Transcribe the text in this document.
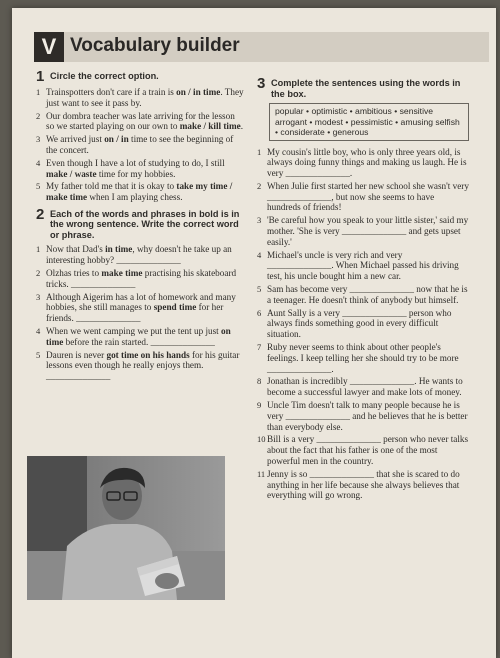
V Vocabulary builder
1 Circle the correct option.
1 Trainspotters don't care if a train is on / in time. They just want to see it pass by.
2 Our dombra teacher was late arriving for the lesson so we started playing on our own to make / kill time.
3 We arrived just on / in time to see the beginning of the concert.
4 Even though I have a lot of studying to do, I still make / waste time for my hobbies.
5 My father told me that it is okay to take my time / make time when I am playing chess.
2 Each of the words and phrases in bold is in the wrong sentence. Write the correct word or phrase.
1 Now that Dad's in time, why doesn't he take up an interesting hobby? ______________
2 Olzhas tries to make time practising his skateboard tricks. ______________
3 Although Aigerim has a lot of homework and many hobbies, she still manages to spend time for her friends. ______________
4 When we went camping we put the tent up just on time before the rain started. ______________
5 Dauren is never got time on his hands for his guitar lessons even though he really enjoys them. ______________
3 Complete the sentences using the words in the box.
popular • optimistic • ambitious • sensitive arrogant • modest • pessimistic • amusing selfish • considerate • generous
1 My cousin's little boy, who is only three years old, is always doing funny things and making us laugh. He is very ______________.
2 When Julie first started her new school she wasn't very ______________, but now she seems to have hundreds of friends!
3 'Be careful how you speak to your little sister,' said my mother. 'She is very ______________ and gets upset easily.'
4 Michael's uncle is very rich and very ______________. When Michael passed his driving test, his uncle bought him a new car.
5 Sam has become very ______________ now that he is a teenager. He doesn't think of anybody but himself.
6 Aunt Sally is a very ______________ person who always finds something good in every difficult situation.
7 Ruby never seems to think about other people's feelings. I keep telling her she should try to be more ______________.
8 Jonathan is incredibly ______________. He wants to become a successful lawyer and make lots of money.
9 Uncle Tim doesn't talk to many people because he is very ______________ and he believes that he is better than everybody else.
10 Bill is a very ______________ person who never talks about the fact that his father is one of the most powerful men in the country.
11 Jenny is so ______________ that she is scared to do anything in her life because she always believes that everything will go wrong.
